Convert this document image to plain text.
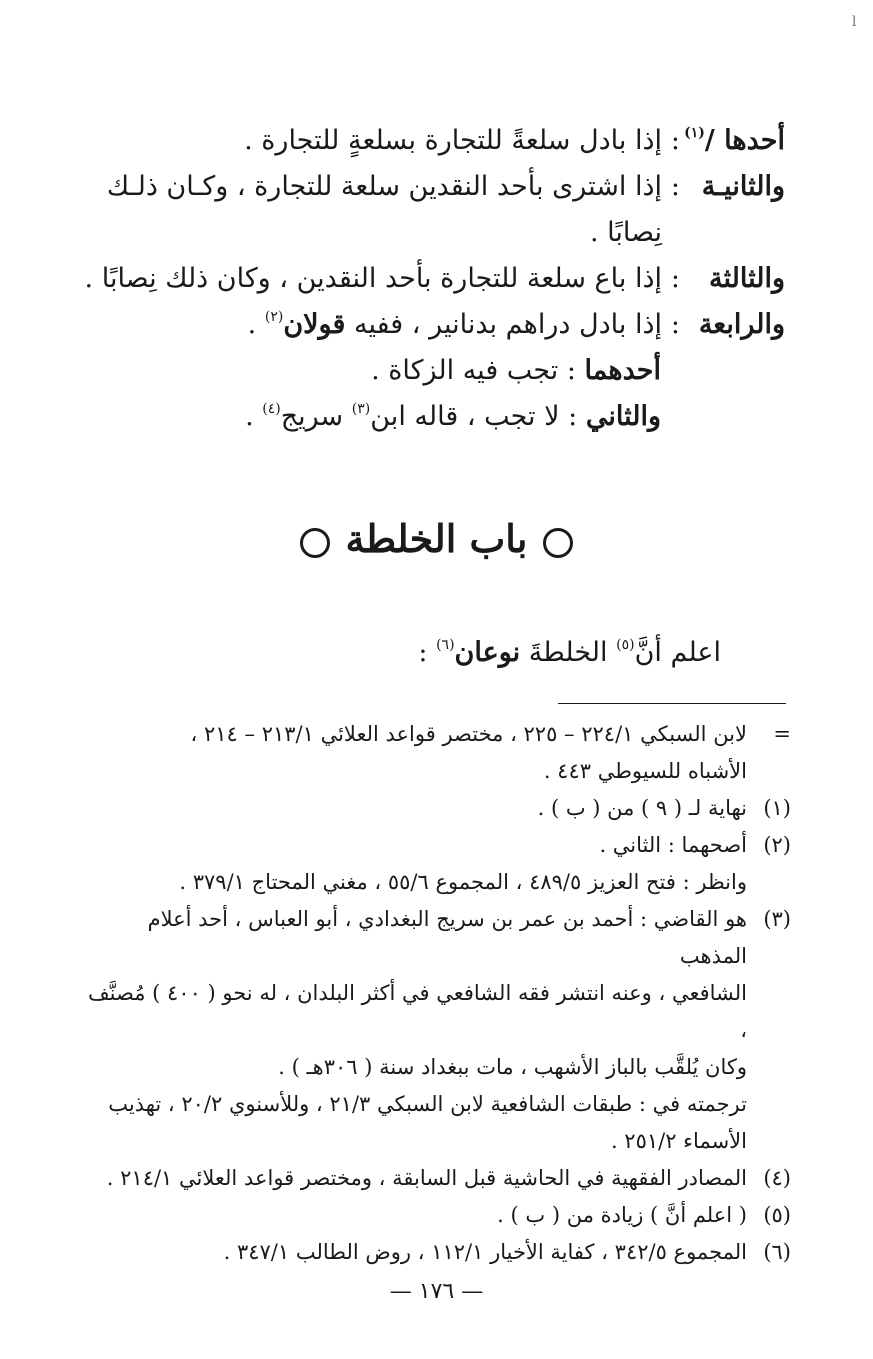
l
أحدها /$^{(١)}$
:
إذا بادل سلعةً للتجارة بسلعةٍ للتجارة .
والثانيـة
:
إذا اشترى بأحد النقدين سلعة للتجارة ، وكـان ذلـك نِصابًا .
والثالثة
:
إذا باع سلعة للتجارة بأحد النقدين ، وكان ذلك نِصابًا .
والرابعة
:
إذا بادل دراهم بدنانير ، ففيه قولان$^{(٢)}$ .
أحدهما : تجب فيه الزكاة .
والثاني : لا تجب ، قاله ابن$^{(٣)}$ سريج$^{(٤)}$ .
باب الخلطة
اعلم أنَّ$^{(٥)}$ الخلطةَ نوعان$^{(٦)}$ :
=
لابن السبكي ٢٢٤/١ – ٢٢٥ ، مختصر قواعد العلائي ٢١٣/١ – ٢١٤ ،
الأشباه للسيوطي ٤٤٣ .
(١)
نهاية لـ ( ٩ ) من ( ب ) .
(٢)
أصحهما : الثاني .
وانظر : فتح العزيز ٤٨٩/٥ ، المجموع ٥٥/٦ ، مغني المحتاج ٣٧٩/١ .
(٣)
هو القاضي : أحمد بن عمر بن سريج البغدادي ، أبو العباس ، أحد أعلام المذهب
الشافعي ، وعنه انتشر فقه الشافعي في أكثر البلدان ، له نحو ( ٤٠٠ ) مُصنَّف ،
وكان يُلقَّب بالباز الأشهب ، مات ببغداد سنة ( ٣٠٦هـ ) .
ترجمته في : طبقات الشافعية لابن السبكي ٢١/٣ ، وللأسنوي ٢٠/٢ ، تهذيب
الأسماء ٢٥١/٢ .
(٤)
المصادر الفقهية في الحاشية قبل السابقة ، ومختصر قواعد العلائي ٢١٤/١ .
(٥)
( اعلم أنَّ ) زيادة من ( ب ) .
(٦)
المجموع ٣٤٢/٥ ، كفاية الأخيار ١١٢/١ ، روض الطالب ٣٤٧/١ .
— ١٧٦ —
